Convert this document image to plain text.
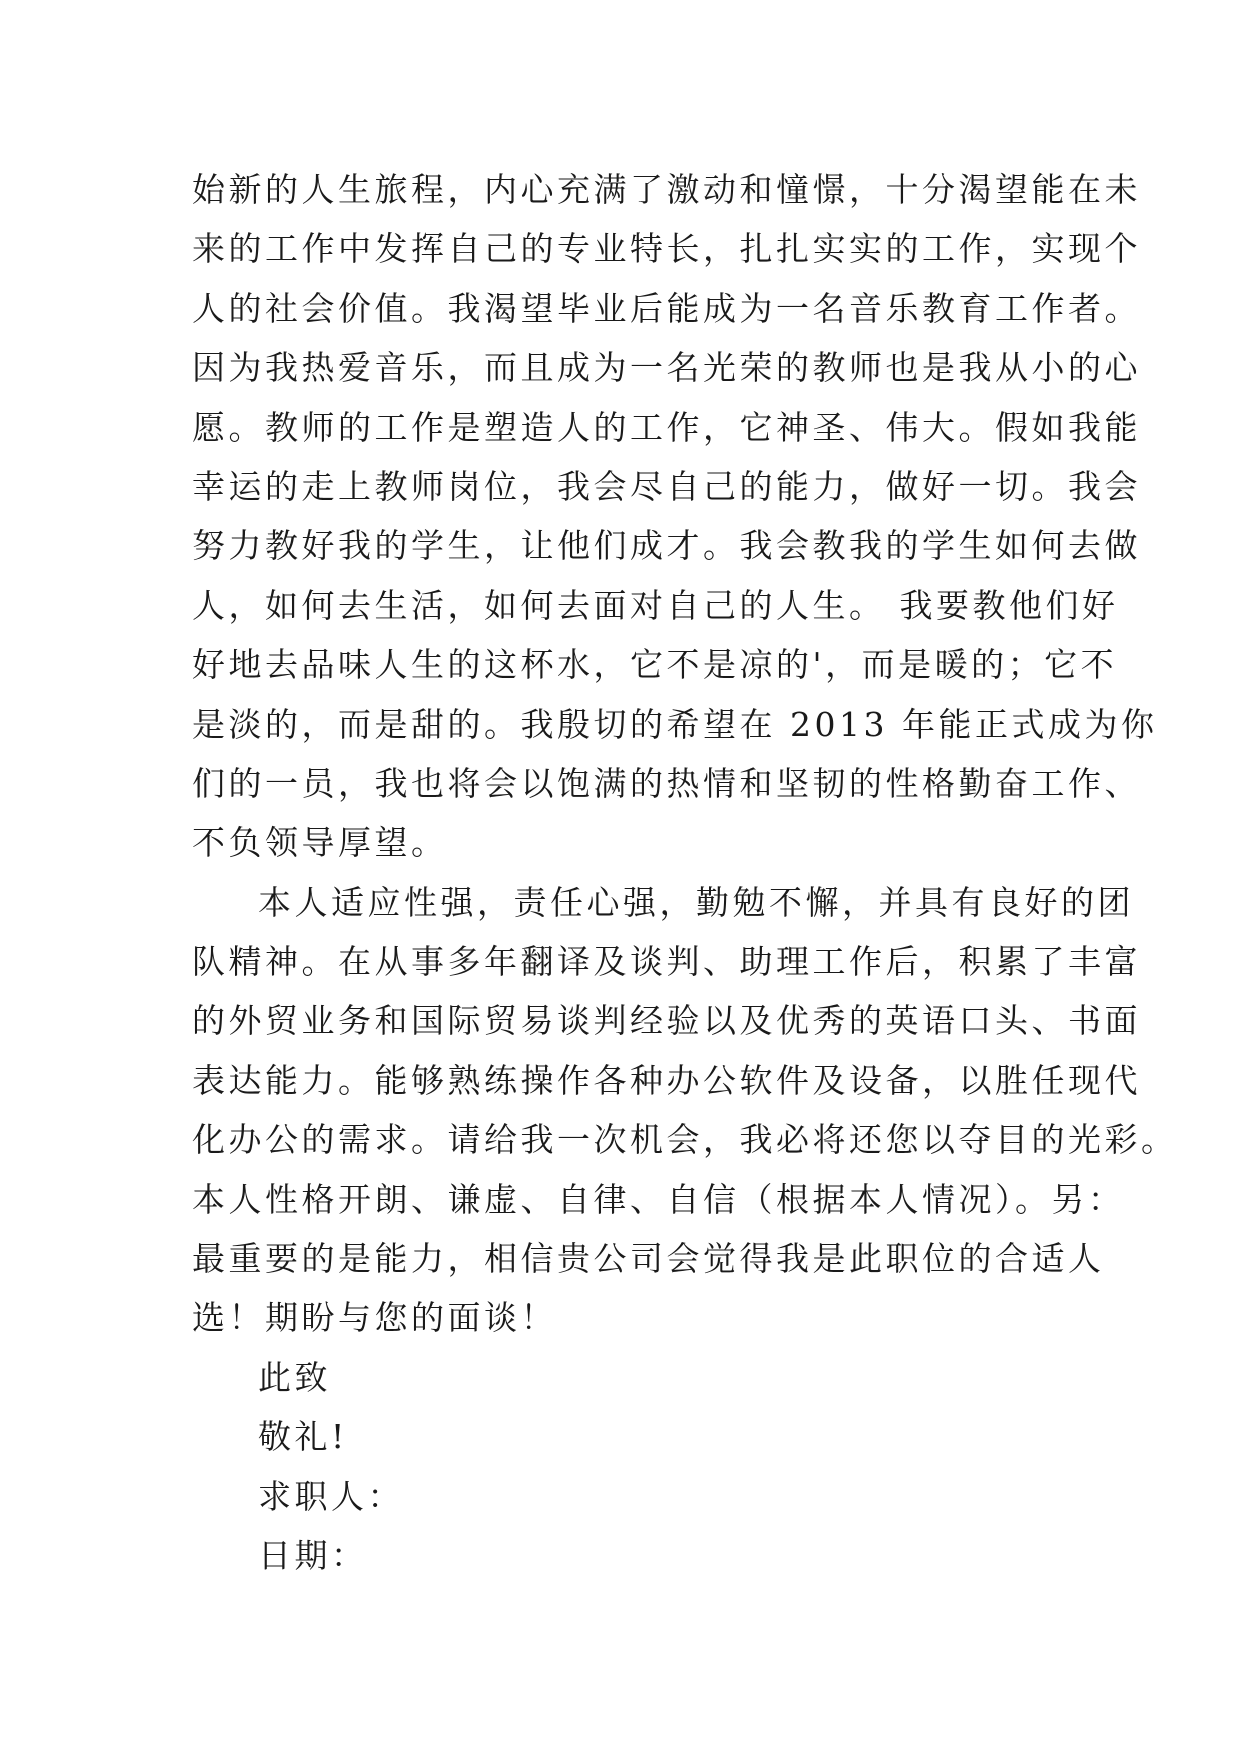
始新的人生旅程，内心充满了激动和憧憬，十分渴望能在未
来的工作中发挥自己的专业特长，扎扎实实的工作，实现个
人的社会价值。我渴望毕业后能成为一名音乐教育工作者。
因为我热爱音乐，而且成为一名光荣的教师也是我从小的心
愿。教师的工作是塑造人的工作，它神圣、伟大。假如我能
幸运的走上教师岗位，我会尽自己的能力，做好一切。我会
努力教好我的学生，让他们成才。我会教我的学生如何去做
人，如何去生活，如何去面对自己的人生。 我要教他们好
好地去品味人生的这杯水，它不是凉的'，而是暖的；它不
是淡的，而是甜的。我殷切的希望在 2013 年能正式成为你
们的一员，我也将会以饱满的热情和坚韧的性格勤奋工作、
不负领导厚望。
本人适应性强，责任心强，勤勉不懈，并具有良好的团
队精神。在从事多年翻译及谈判、助理工作后，积累了丰富
的外贸业务和国际贸易谈判经验以及优秀的英语口头、书面
表达能力。能够熟练操作各种办公软件及设备，以胜任现代
化办公的需求。请给我一次机会，我必将还您以夺目的光彩。
本人性格开朗、谦虚、自律、自信（根据本人情况）。另：
最重要的是能力，相信贵公司会觉得我是此职位的合适人
选！期盼与您的面谈！
此致
敬礼!
求职人：
日期：
